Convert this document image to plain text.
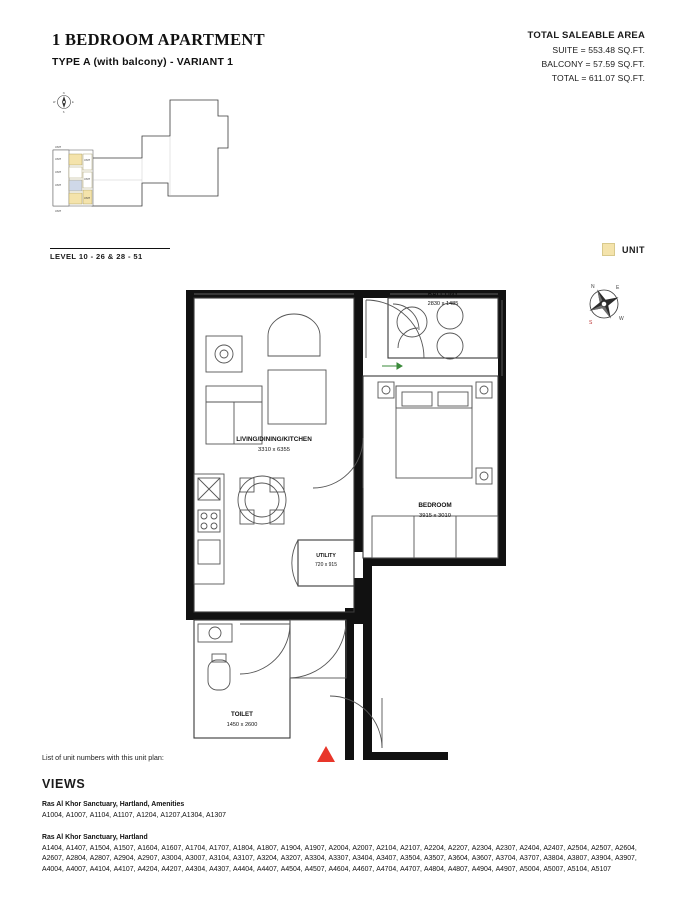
1 BEDROOM APARTMENT
TYPE A (with balcony) - VARIANT 1
TOTAL SALEABLE AREA
SUITE = 553.48 SQ.FT.
BALCONY = 57.59 SQ.FT.
TOTAL = 611.07 SQ.FT.
UNIT
UNIT
UNIT
UNIT
UNIT
UNIT
UNIT
UNIT
N
S
E
W
LEVEL 10 - 26 & 28 - 51
UNIT
N	E
W
S
BALCONY
2830 x 1485
LIVING/DINING/KITCHEN
3310 x 6355
BEDROOM
3915 x 3010
UTILITY
720 x 915
TOILET
1450 x 2600
List of unit numbers with this unit plan:
VIEWS
Ras Al Khor Sanctuary, Hartland, Amenities
A1004, A1007, A1104, A1107, A1204, A1207,A1304, A1307
Ras Al Khor Sanctuary, Hartland
A1404, A1407, A1504, A1507, A1604, A1607, A1704, A1707, A1804, A1807, A1904, A1907, A2004, A2007, A2104, A2107, A2204, A2207, A2304, A2307, A2404, A2407, A2504, A2507, A2604, A2607, A2804, A2807, A2904, A2907, A3004, A3007, A3104, A3107, A3204, A3207, A3304, A3307, A3404, A3407, A3504, A3507, A3604, A3607, A3704, A3707, A3804, A3807, A3904, A3907, A4004, A4007, A4104, A4107, A4204, A4207, A4304, A4307, A4404, A4407, A4504, A4507, A4604, A4607, A4704, A4707, A4804, A4807, A4904, A4907, A5004, A5007, A5104, A5107
